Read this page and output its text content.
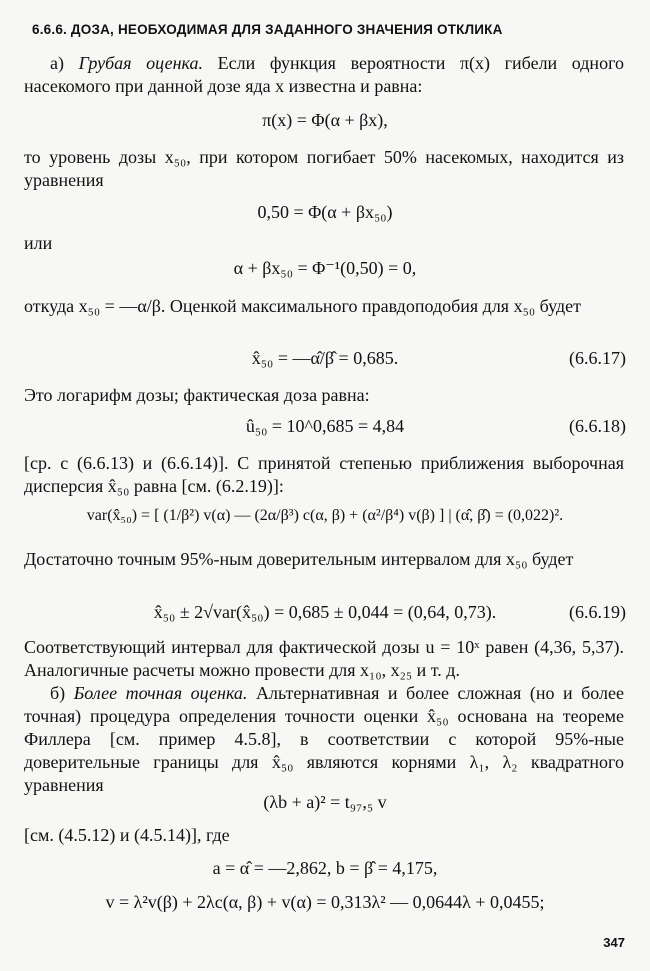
6.6.6. ДОЗА, НЕОБХОДИМАЯ ДЛЯ ЗАДАННОГО ЗНАЧЕНИЯ ОТКЛИКА
а) Грубая оценка. Если функция вероятности π(x) гибели одного насекомого при данной дозе яда x известна и равна:
π(x) = Φ(α + βx),
то уровень дозы x₅₀, при котором погибает 50% насекомых, находится из уравнения
0,50 = Φ(α + βx₅₀)
или
α + βx₅₀ = Φ⁻¹(0,50) = 0,
откуда x₅₀ = —α/β. Оценкой максимального правдоподобия для x₅₀ будет
x̂₅₀ = —α̂/β̂ = 0,685.	(6.6.17)
Это логарифм дозы; фактическая доза равна:
û₅₀ = 10^0,685 = 4,84	(6.6.18)
[ср. с (6.6.13) и (6.6.14)]. С принятой степенью приближения выборочная дисперсия x̂₅₀ равна [см. (6.2.19)]:
var(x̂₅₀) = [ (1/β²) v(α) — (2α/β³) c(α, β) + (α²/β⁴) v(β) ] | (α̂, β̂) = (0,022)².
Достаточно точным 95%-ным доверительным интервалом для x₅₀ будет
x̂₅₀ ± 2√var(x̂₅₀) = 0,685 ± 0,044 = (0,64, 0,73).	(6.6.19)
Соответствующий интервал для фактической дозы u = 10ˣ равен (4,36, 5,37). Аналогичные расчеты можно провести для x₁₀, x₂₅ и т. д.
б) Более точная оценка. Альтернативная и более сложная (но и более точная) процедура определения точности оценки x̂₅₀ основана на теореме Филлера [см. пример 4.5.8], в соответствии с которой 95%-ные доверительные границы для x̂₅₀ являются корнями λ₁, λ₂ квадратного уравнения
(λb + a)² = t₉₇,₅ v
[см. (4.5.12) и (4.5.14)], где
a = α̂ = —2,862, b = β̂ = 4,175,
v = λ²v(β) + 2λc(α, β) + v(α) = 0,313λ² — 0,0644λ + 0,0455;
347
